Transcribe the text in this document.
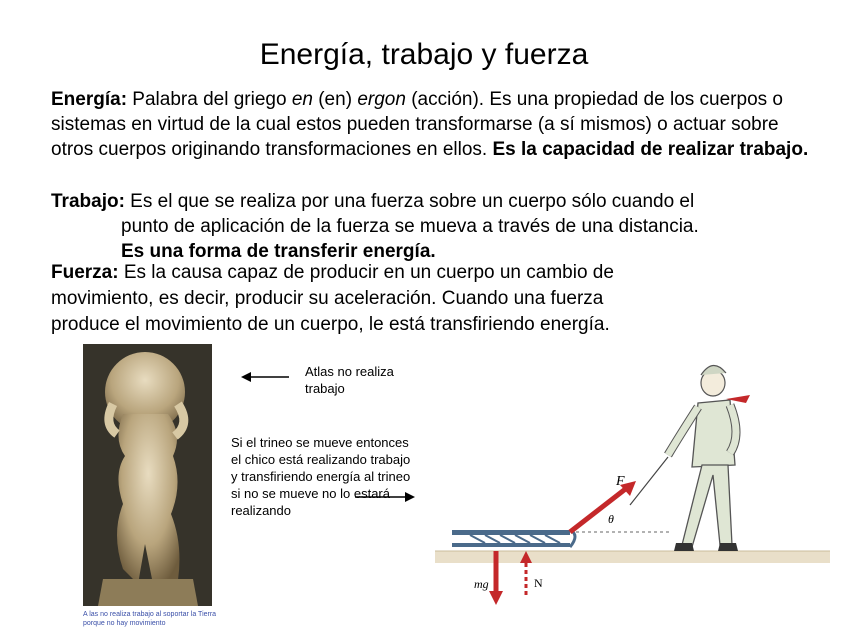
Energía, trabajo y fuerza
Energía: Palabra del griego en (en) ergon (acción). Es una propiedad de los cuerpos o sistemas en virtud de la cual estos pueden transformarse (a sí mismos) o actuar sobre otros cuerpos originando transformaciones en ellos. Es la capacidad de realizar trabajo.
Trabajo: Es el que se realiza por una fuerza sobre un cuerpo sólo cuando el
punto de aplicación de la fuerza se mueva a través de una distancia.
Es una forma de transferir energía.
Fuerza: Es la causa capaz de producir en un cuerpo un cambio de
movimiento, es decir, producir su aceleración. Cuando una fuerza
produce el movimiento de un cuerpo, le está transfiriendo energía.
A las no realiza trabajo al soportar la Tierra porque no hay movimiento
Atlas no realiza trabajo
Si el trineo se mueve entonces el chico está realizando trabajo y transfiriendo energía al trineo si no se mueve no lo estará realizando
F
θ
mg	N
